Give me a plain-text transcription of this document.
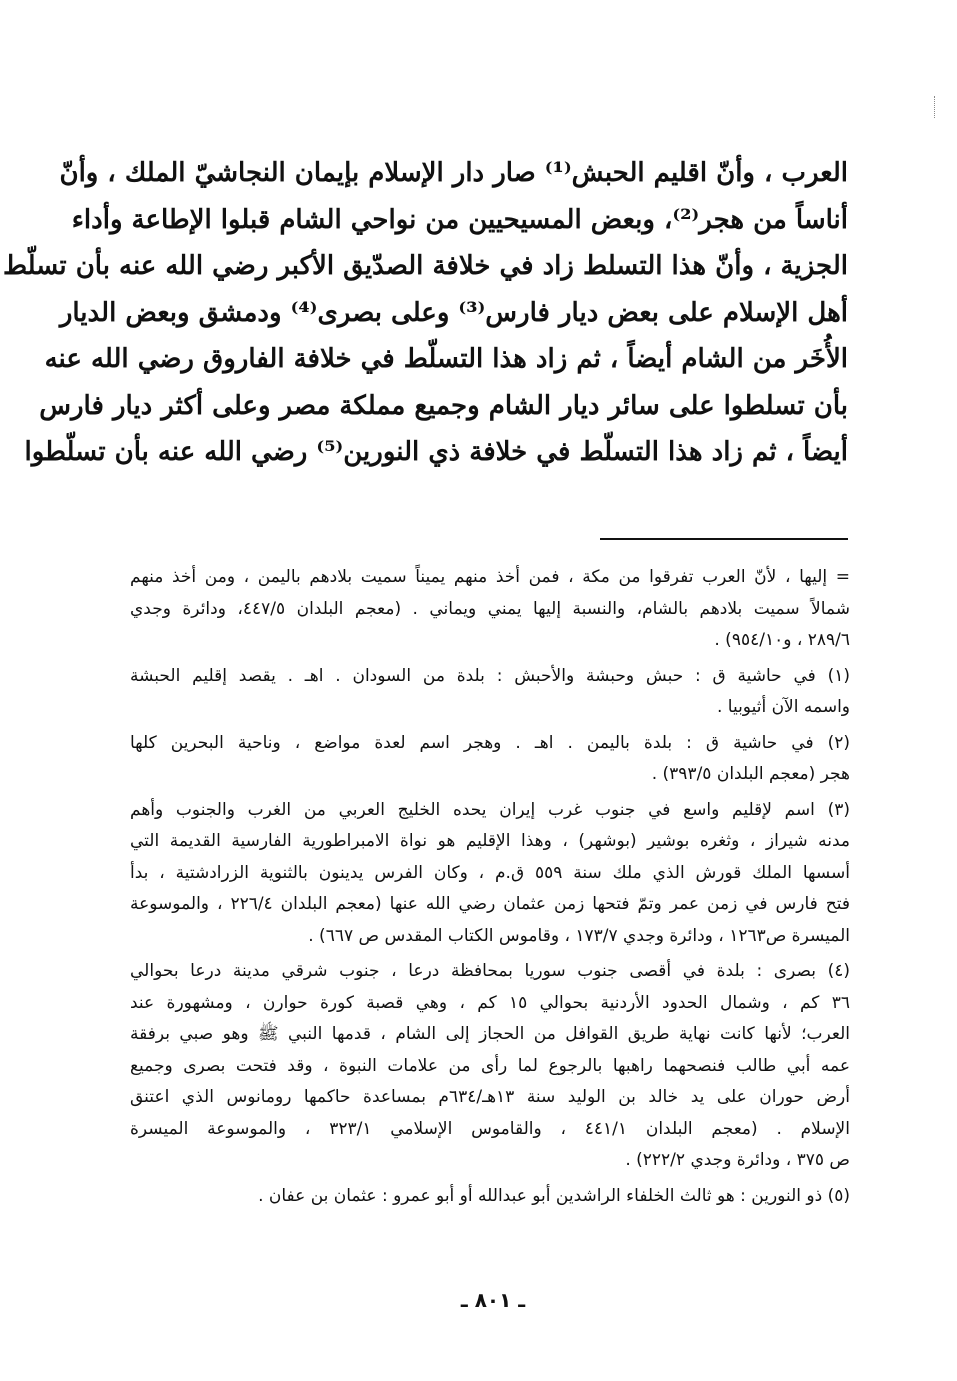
العرب ، وأنّ اقليم الحبش⁽¹⁾ صار دار الإسلام بإيمان النجاشيّ الملك ، وأنّ
أناساً من هجر⁽²⁾، وبعض المسيحيين من نواحي الشام قبلوا الإطاعة وأداء
الجزية ، وأنّ هذا التسلط زاد في خلافة الصدّيق الأكبر رضي الله عنه بأن تسلّط
أهل الإسلام على بعض ديار فارس⁽³⁾ وعلى بصرى⁽⁴⁾ ودمشق وبعض الديار
الأُخَر من الشام أيضاً ، ثم زاد هذا التسلّط في خلافة الفاروق رضي الله عنه
بأن تسلطوا على سائر ديار الشام وجميع مملكة مصر وعلى أكثر ديار فارس
أيضاً ، ثم زاد هذا التسلّط في خلافة ذي النورين⁽⁵⁾ رضي الله عنه بأن تسلّطوا
= إليها ، لأنّ العرب تفرقوا من مكة ، فمن أخذ منهم يميناً سميت بلادهم باليمن ، ومن أخذ منهم
شمالاً سميت بلادهم بالشام، والنسبة إليها يمني ويماني . (معجم البلدان ٤٤٧/٥، ودائرة وجدي
٢٨٩/٦ ، و٩٥٤/١٠) .
(١) في حاشية ق : حبش وحبشة والأحبش : بلدة من السودان . اهـ . يقصد إقليم الحبشة
واسمه الآن أثيوبيا .
(٢) في حاشية ق : بلدة باليمن . اهـ . وهجر اسم لعدة مواضع ، وناحية البحرين كلها
هجر (معجم البلدان ٣٩٣/٥) .
(٣) اسم لإقليم واسع في جنوب غرب إيران يحده الخليج العربي من الغرب والجنوب وأهم
مدنه شيراز ، وثغره بوشير (بوشهر) ، وهذا الإقليم هو نواة الامبراطورية الفارسية القديمة التي
أسسها الملك قورش الذي ملك سنة ٥٥٩ ق.م ، وكان الفرس يدينون بالثنوية الزرادشتية ، بدأ
فتح فارس في زمن عمر وتمّ فتحها زمن عثمان رضي الله عنها (معجم البلدان ٢٢٦/٤ ، والموسوعة
الميسرة ص١٢٦٣ ، ودائرة وجدي ١٧٣/٧ ، وقاموس الكتاب المقدس ص ٦٦٧) .
(٤) بصرى : بلدة في أقصى جنوب سوريا بمحافظة درعا ، جنوب شرقي مدينة درعا بحوالي
٣٦ كم ، وشمال الحدود الأردنية بحوالي ١٥ كم ، وهي قصبة كورة حوارن ، ومشهورة عند
العرب؛ لأنها كانت نهاية طريق القوافل من الحجاز إلى الشام ، قدمها النبي ﷺ وهو صبي برفقة
عمه أبي طالب فنصحهما راهبها بالرجوع لما رأى من علامات النبوة ، وقد فتحت بصرى وجميع
أرض حوران على يد خالد بن الوليد سنة ١٣هـ/٦٣٤م بمساعدة حاكمها رومانوس الذي اعتنق
الإسلام . (معجم البلدان ٤٤١/١ ، والقاموس الإسلامي ٣٢٣/١ ، والموسوعة الميسرة
ص ٣٧٥ ، ودائرة وجدي ٢٢٢/٢) .
(٥) ذو النورين : هو ثالث الخلفاء الراشدين أبو عبدالله أو أبو عمرو : عثمان بن عفان .
ـ ٨٠١ ـ
